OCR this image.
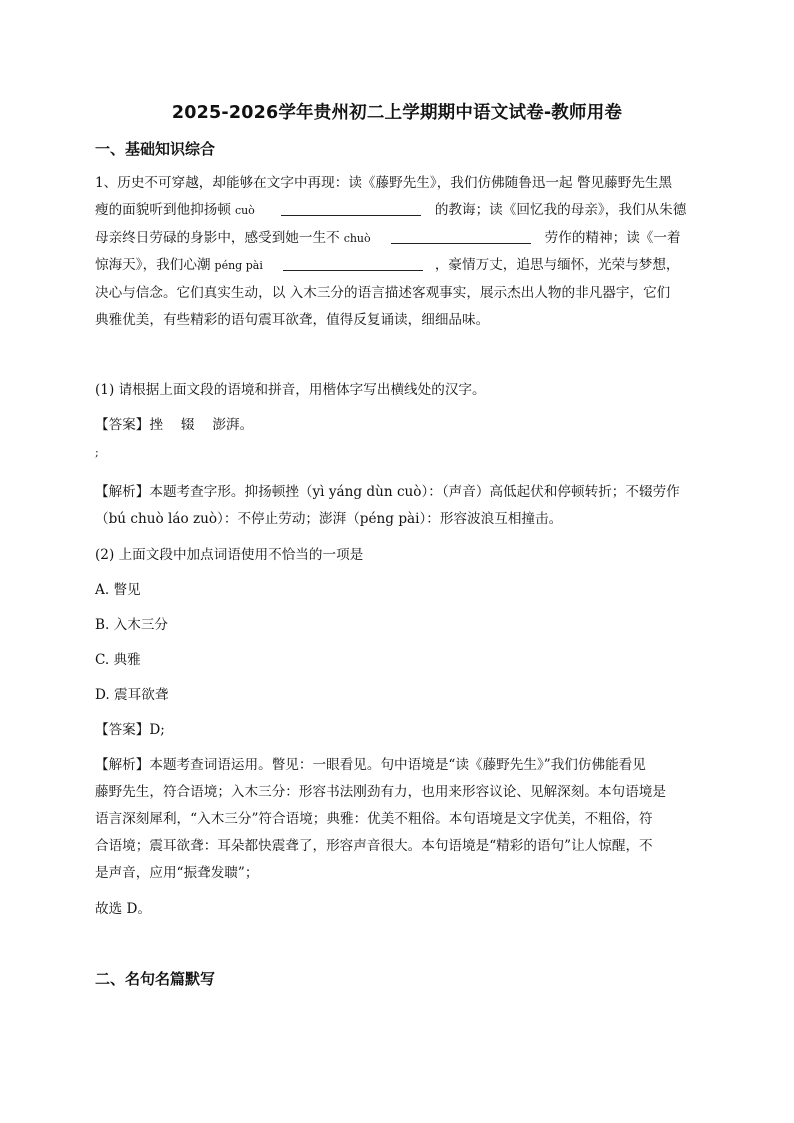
2025-2026学年贵州初二上学期期中语文试卷-教师用卷
一、基础知识综合
1、历史不可穿越，却能够在文字中再现：读《藤野先生》，我们仿佛随鲁迅一起 瞥见藤野先生黑
瘦的面貌听到他抑扬顿 cuò	的教诲；读《回忆我的母亲》，我们从朱德
母亲终日劳碌的身影中，感受到她一生不 chuò	劳作的精神；读《一着
惊海天》，我们心潮 péng pài	，豪情万丈，追思与缅怀，光荣与梦想，
决心与信念。它们真实生动，以 入木三分的语言描述客观事实，展示杰出人物的非凡器宇，它们
典雅优美，有些精彩的语句震耳欲聋，值得反复诵读，细细品味。
(1) 请根据上面文段的语境和拼音，用楷体字写出横线处的汉字。
【答案】挫　 辍　 澎湃。
;
【解析】本题考查字形。抑扬顿挫（yì yáng dùn cuò）：（声音）高低起伏和停顿转折；不辍劳作
（bú chuò láo zuò）：不停止劳动；澎湃（péng pài）：形容波浪互相撞击。
(2) 上面文段中加点词语使用不恰当的一项是
A. 瞥见
B. 入木三分
C. 典雅
D. 震耳欲聋
【答案】D;
【解析】本题考查词语运用。瞥见：一眼看见。句中语境是“读《藤野先生》”我们仿佛能看见
藤野先生，符合语境；入木三分：形容书法刚劲有力，也用来形容议论、见解深刻。本句语境是
语言深刻犀利，“入木三分”符合语境；典雅：优美不粗俗。本句语境是文字优美，不粗俗，符
合语境；震耳欲聋：耳朵都快震聋了，形容声音很大。本句语境是“精彩的语句”让人惊醒，不
是声音，应用“振聋发聩”；
故选 D。
二、名句名篇默写
